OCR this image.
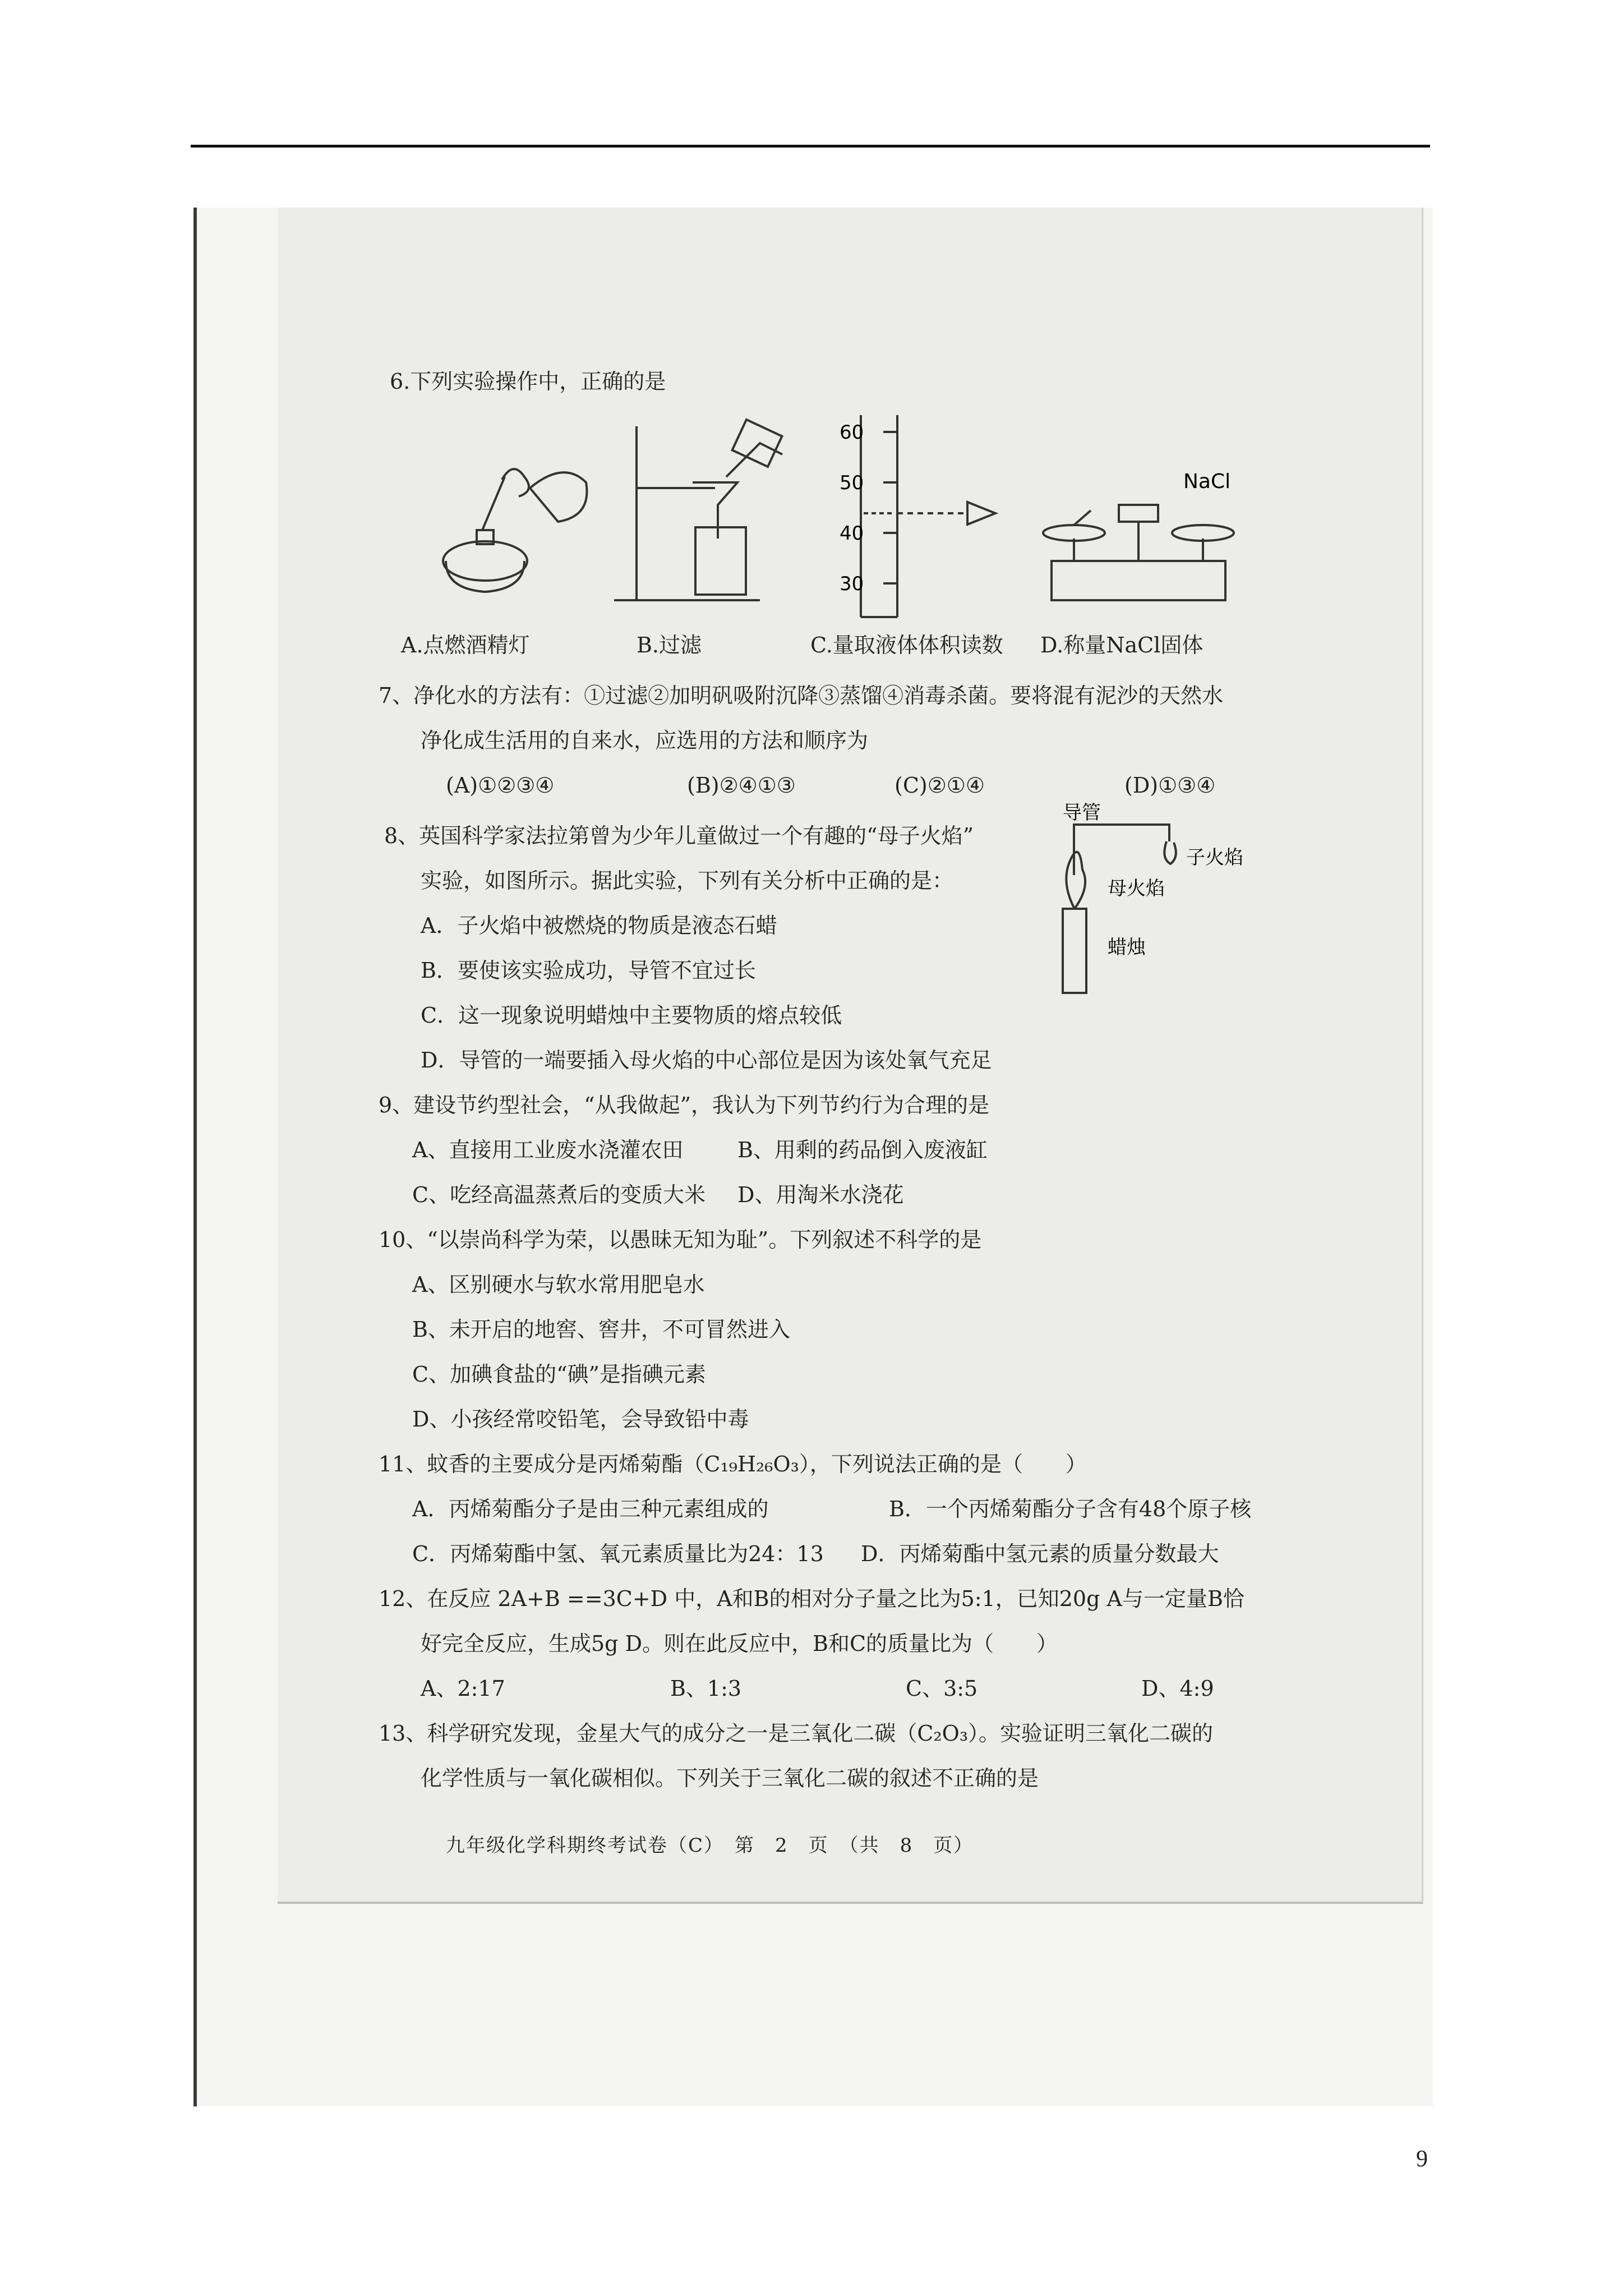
6.下列实验操作中，正确的是
60
50
40
30
NaCl
A.点燃酒精灯	B.过滤	C.量取液体体积读数 D.称量NaCl固体
7、净化水的方法有：①过滤②加明矾吸附沉降③蒸馏④消毒杀菌。要将混有泥沙的天然水
净化成生活用的自来水，应选用的方法和顺序为
(A)①②③④	(B)②④①③	(C)②①④	(D)①③④
8、英国科学家法拉第曾为少年儿童做过一个有趣的“母子火焰”
实验，如图所示。据此实验，下列有关分析中正确的是：
A．子火焰中被燃烧的物质是液态石蜡
B．要使该实验成功，导管不宜过长
C．这一现象说明蜡烛中主要物质的熔点较低
D．导管的一端要插入母火焰的中心部位是因为该处氧气充足
导管
子火焰
母火焰
蜡烛
9、建设节约型社会，“从我做起”，我认为下列节约行为合理的是
A、直接用工业废水浇灌农田	B、用剩的药品倒入废液缸
C、吃经高温蒸煮后的变质大米 D、用淘米水浇花
10、“以崇尚科学为荣，以愚昧无知为耻”。下列叙述不科学的是
A、区别硬水与软水常用肥皂水
B、未开启的地窖、窖井，不可冒然进入
C、加碘食盐的“碘”是指碘元素
D、小孩经常咬铅笔，会导致铅中毒
11、蚊香的主要成分是丙烯菊酯（C₁₉H₂₆O₃），下列说法正确的是（　　）
A．丙烯菊酯分子是由三种元素组成的	B．一个丙烯菊酯分子含有48个原子核
C．丙烯菊酯中氢、氧元素质量比为24：13 D．丙烯菊酯中氢元素的质量分数最大
12、在反应 2A+B ==3C+D 中，A和B的相对分子量之比为5:1，已知20g A与一定量B恰
好完全反应，生成5g D。则在此反应中，B和C的质量比为（　　）
A、2:17	B、1:3	C、3:5	D、4:9
13、科学研究发现，金星大气的成分之一是三氧化二碳（C₂O₃）。实验证明三氧化二碳的
化学性质与一氧化碳相似。下列关于三氧化二碳的叙述不正确的是
九年级化学科期终考试卷（C）　第　2　页　（共　8　页）
9
